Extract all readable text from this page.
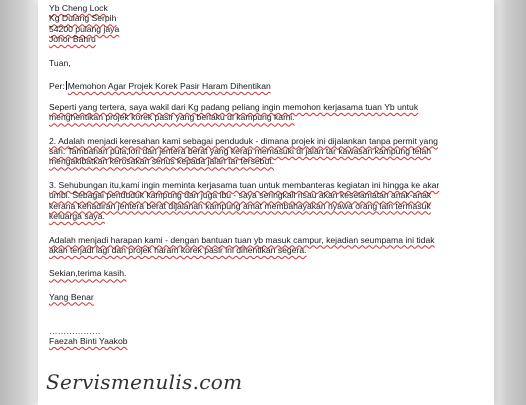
Yb Cheng Lock
Kg Dulang Serpih
54200 pulang jaya
Johor Bahru
Tuan,
Per: Memohon Agar Projek Korek Pasir Haram Dihentikan
Seperti yang tertera, saya wakil dari Kg padang peliang ingin memohon kerjasama tuan Yb untuk
menghentikan projek korek pasir yang berlaku di kampung kami.
2. Adalah menjadi keresahan kami sebagai penduduk - dimana projek ini dijalankan tanpa permit yang
sah. Tambahan pula,lori dan jentera berat yang kerap memasuki di jalan tar kawasan kampung telah
mengakibatkan kerosakan serius kepada jalan tar tersebut.
3. Sehubungan itu,kami ingin meminta kerjasama tuan untuk membanteras kegiatan ini hingga ke akar
umbi. Sebagai penduduk kampung dan juga ibu - saya seringkali risau akan keselamatan anak-anak
kerana kehadiran jentera berat dijalanan kampung amat membahayakan nyawa orang lain termasuk
keluarga saya.
Adalah menjadi harapan kami - dengan bantuan tuan yb masuk campur, kejadian seumpama ini tidak
akan terjadi lagi dan projek haram korek pasir ini dihentikan segera.
Sekian,terima kasih.
Yang Benar
………………
Faezah Binti Yaakob
Servismenulis.com
